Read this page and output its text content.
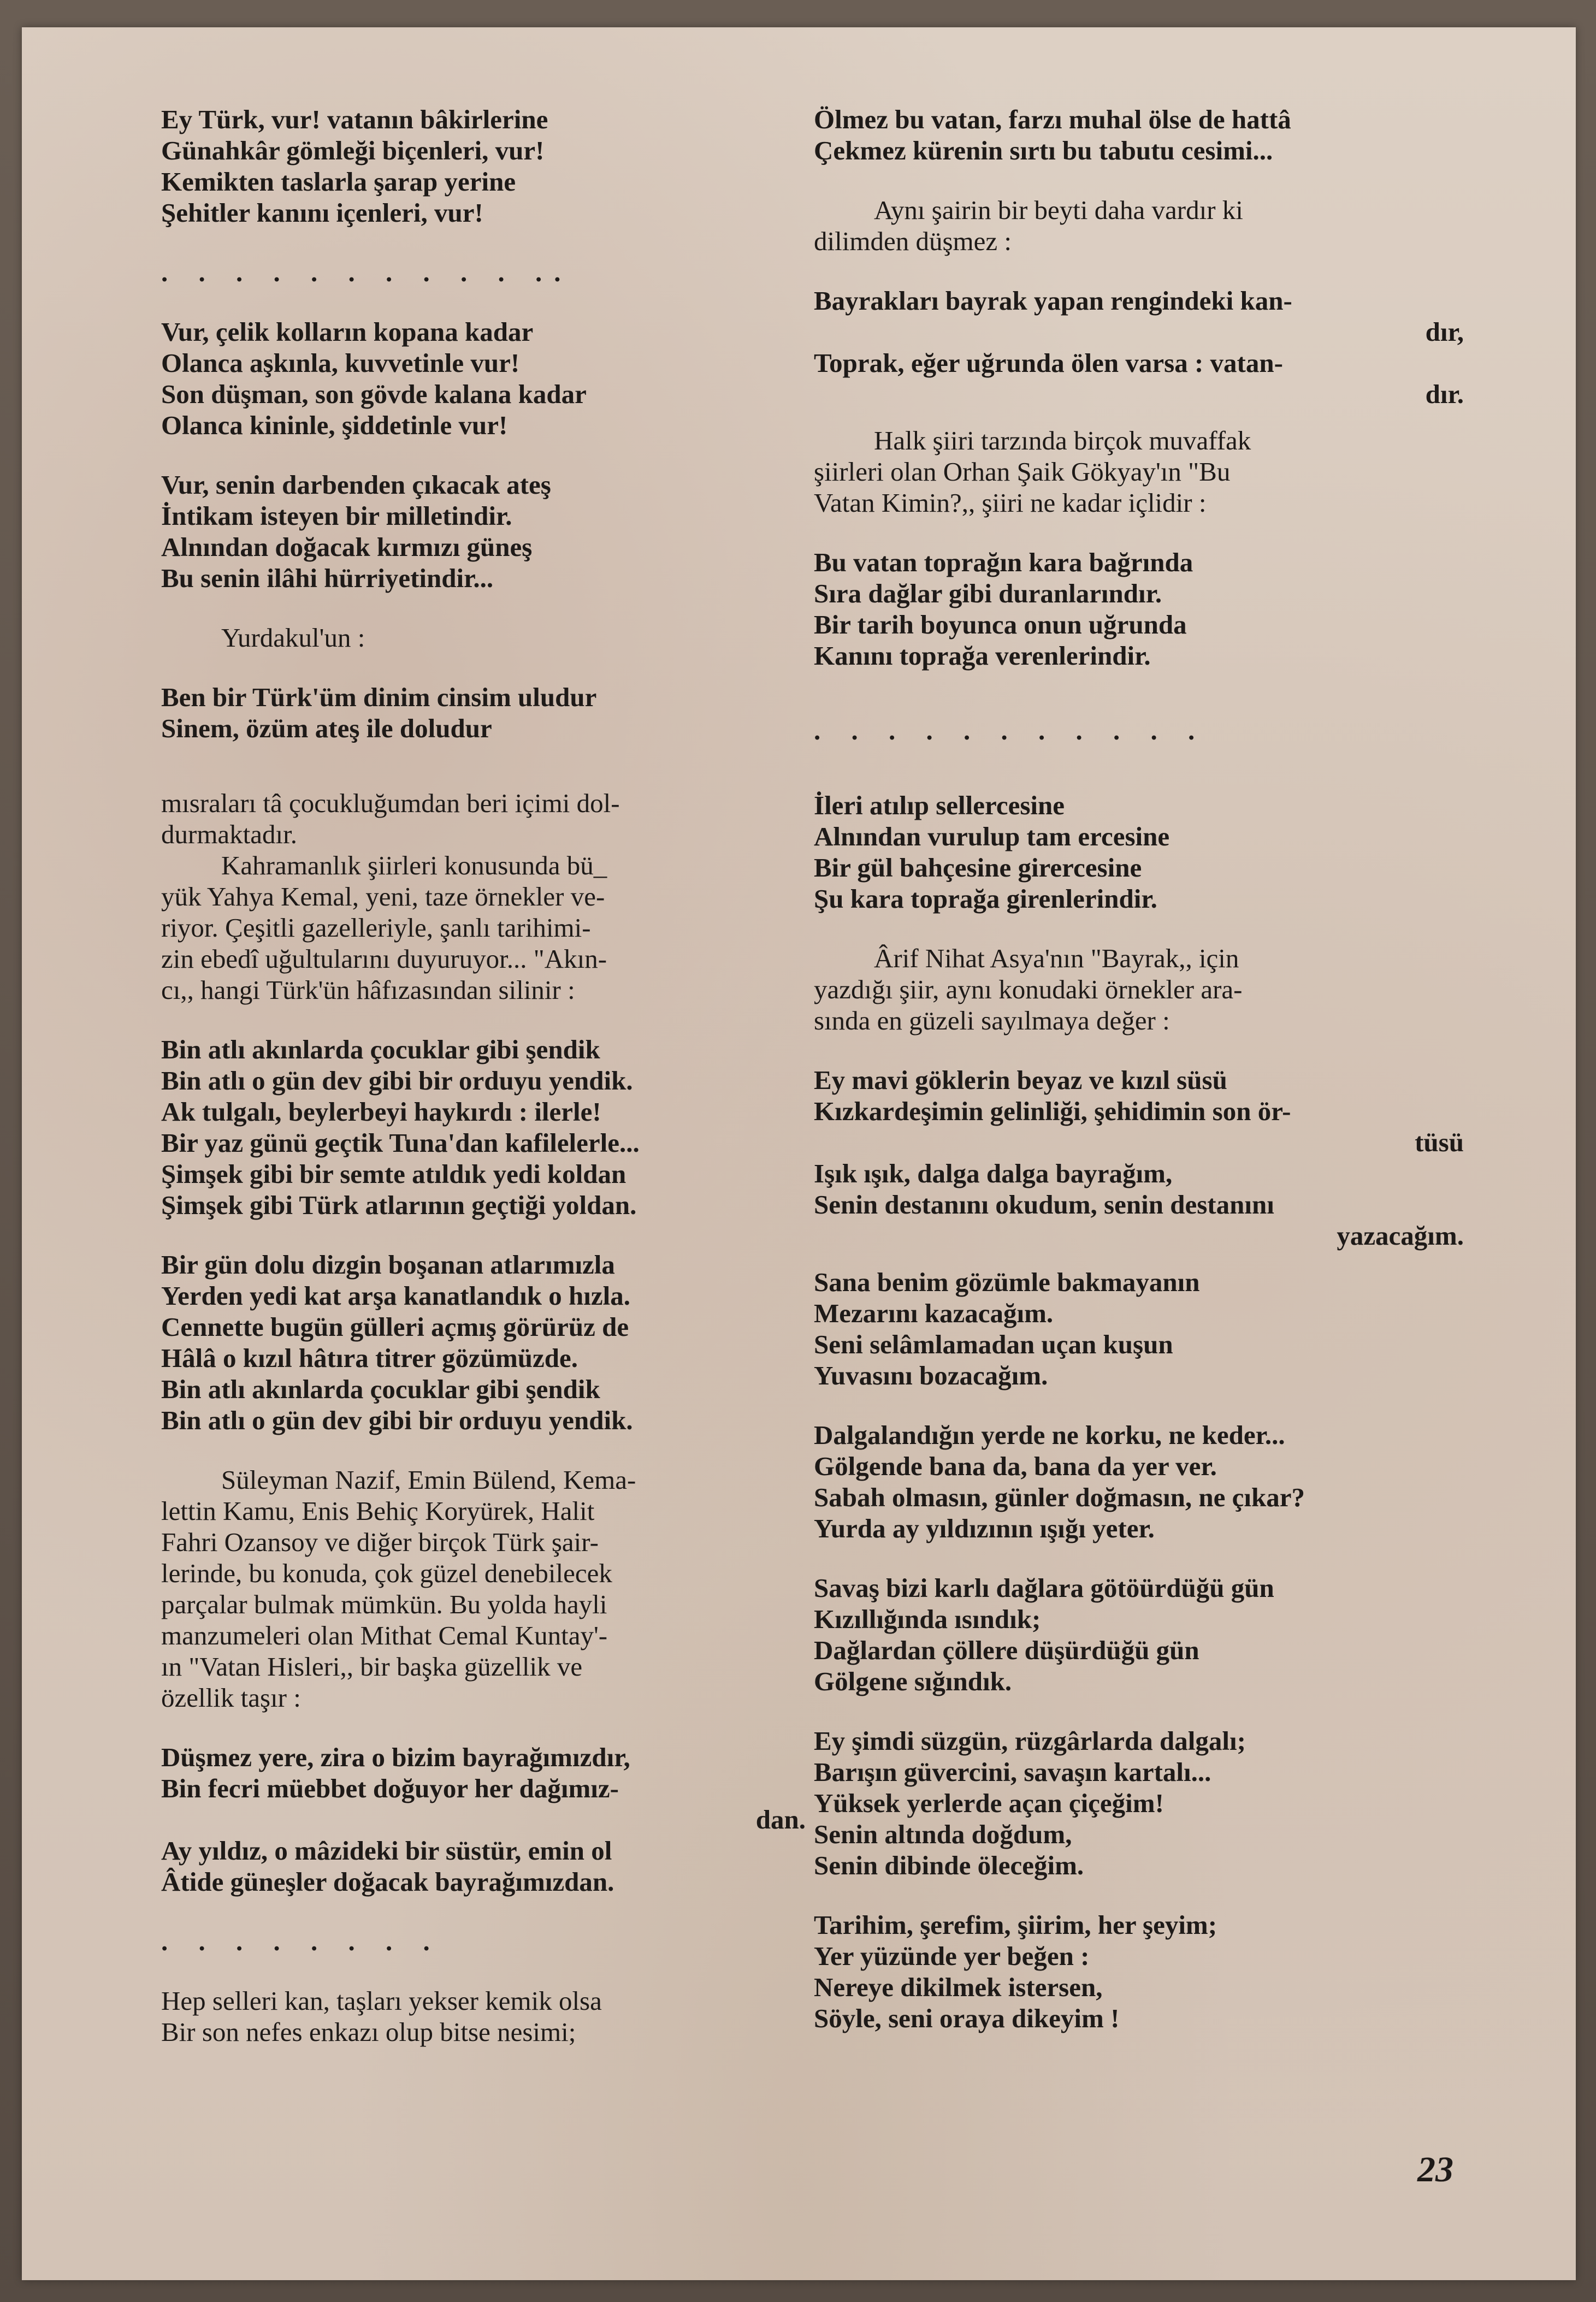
Ey Türk, vur! vatanın bâkirlerine
Günahkâr gömleği biçenleri, vur!
Kemikten taslarla şarap yerine
Şehitler kanını içenleri, vur!
. . . . . . . . . . ..
Vur, çelik kolların kopana kadar
Olanca aşkınla, kuvvetinle vur!
Son düşman, son gövde kalana kadar
Olanca kininle, şiddetinle vur!
Vur, senin darbenden çıkacak ateş
İntikam isteyen bir milletindir.
Alnından doğacak kırmızı güneş
Bu senin ilâhi hürriyetindir...
Yurdakul'un :
Ben bir Türk'üm dinim cinsim uludur
Sinem, özüm ateş ile doludur
mısraları tâ çocukluğumdan beri içimi dol-
durmaktadır.
Kahramanlık şiirleri konusunda bü_
yük Yahya Kemal, yeni, taze örnekler ve-
riyor. Çeşitli gazelleriyle, şanlı tarihimi-
zin ebedî uğultularını duyuruyor... "Akın-
cı,, hangi Türk'ün hâfızasından silinir :
Bin atlı akınlarda çocuklar gibi şendik
Bin atlı o gün dev gibi bir orduyu yendik.
Ak tulgalı, beylerbeyi haykırdı : ilerle!
Bir yaz günü geçtik Tuna'dan kafilelerle...
Şimşek gibi bir semte atıldık yedi koldan
Şimşek gibi Türk atlarının geçtiği yoldan.
Bir gün dolu dizgin boşanan atlarımızla
Yerden yedi kat arşa kanatlandık o hızla.
Cennette bugün gülleri açmış görürüz de
Hâlâ o kızıl hâtıra titrer gözümüzde.
Bin atlı akınlarda çocuklar gibi şendik
Bin atlı o gün dev gibi bir orduyu yendik.
Süleyman Nazif, Emin Bülend, Kema-
lettin Kamu, Enis Behiç Koryürek, Halit
Fahri Ozansoy ve diğer birçok Türk şair-
lerinde, bu konuda, çok güzel denebilecek
parçalar bulmak mümkün. Bu yolda hayli
manzumeleri olan Mithat Cemal Kuntay'-
ın "Vatan Hisleri,, bir başka güzellik ve
özellik taşır :
Düşmez yere, zira o bizim bayrağımızdır,
Bin fecri müebbet doğuyor her dağımız-
dan.
Ay yıldız, o mâzideki bir süstür, emin ol
Âtide güneşler doğacak bayrağımızdan.
. . . . . . . .
Hep selleri kan, taşları yekser kemik olsa
Bir son nefes enkazı olup bitse nesimi;
Ölmez bu vatan, farzı muhal ölse de hattâ
Çekmez kürenin sırtı bu tabutu cesimi...
Aynı şairin bir beyti daha vardır ki
dilimden düşmez :
Bayrakları bayrak yapan rengindeki kan-
dır,
Toprak, eğer uğrunda ölen varsa : vatan-
dır.
Halk şiiri tarzında birçok muvaffak
şiirleri olan Orhan Şaik Gökyay'ın "Bu
Vatan Kimin?,, şiiri ne kadar içlidir :
Bu vatan toprağın kara bağrında
Sıra dağlar gibi duranlarındır.
Bir tarih boyunca onun uğrunda
Kanını toprağa verenlerindir.
. . . . . . . . . . .
İleri atılıp sellercesine
Alnından vurulup tam ercesine
Bir gül bahçesine girercesine
Şu kara toprağa girenlerindir.
Ârif Nihat Asya'nın "Bayrak,, için
yazdığı şiir, aynı konudaki örnekler ara-
sında en güzeli sayılmaya değer :
Ey mavi göklerin beyaz ve kızıl süsü
Kızkardeşimin gelinliği, şehidimin son ör-
tüsü
Işık ışık, dalga dalga bayrağım,
Senin destanını okudum, senin destanını
yazacağım.
Sana benim gözümle bakmayanın
Mezarını kazacağım.
Seni selâmlamadan uçan kuşun
Yuvasını bozacağım.
Dalgalandığın yerde ne korku, ne keder...
Gölgende bana da, bana da yer ver.
Sabah olmasın, günler doğmasın, ne çıkar?
Yurda ay yıldızının ışığı yeter.
Savaş bizi karlı dağlara götöürdüğü gün
Kızıllığında ısındık;
Dağlardan çöllere düşürdüğü gün
Gölgene sığındık.
Ey şimdi süzgün, rüzgârlarda dalgalı;
Barışın güvercini, savaşın kartalı...
Yüksek yerlerde açan çiçeğim!
Senin altında doğdum,
Senin dibinde öleceğim.
Tarihim, şerefim, şiirim, her şeyim;
Yer yüzünde yer beğen :
Nereye dikilmek istersen,
Söyle, seni oraya dikeyim !
23
